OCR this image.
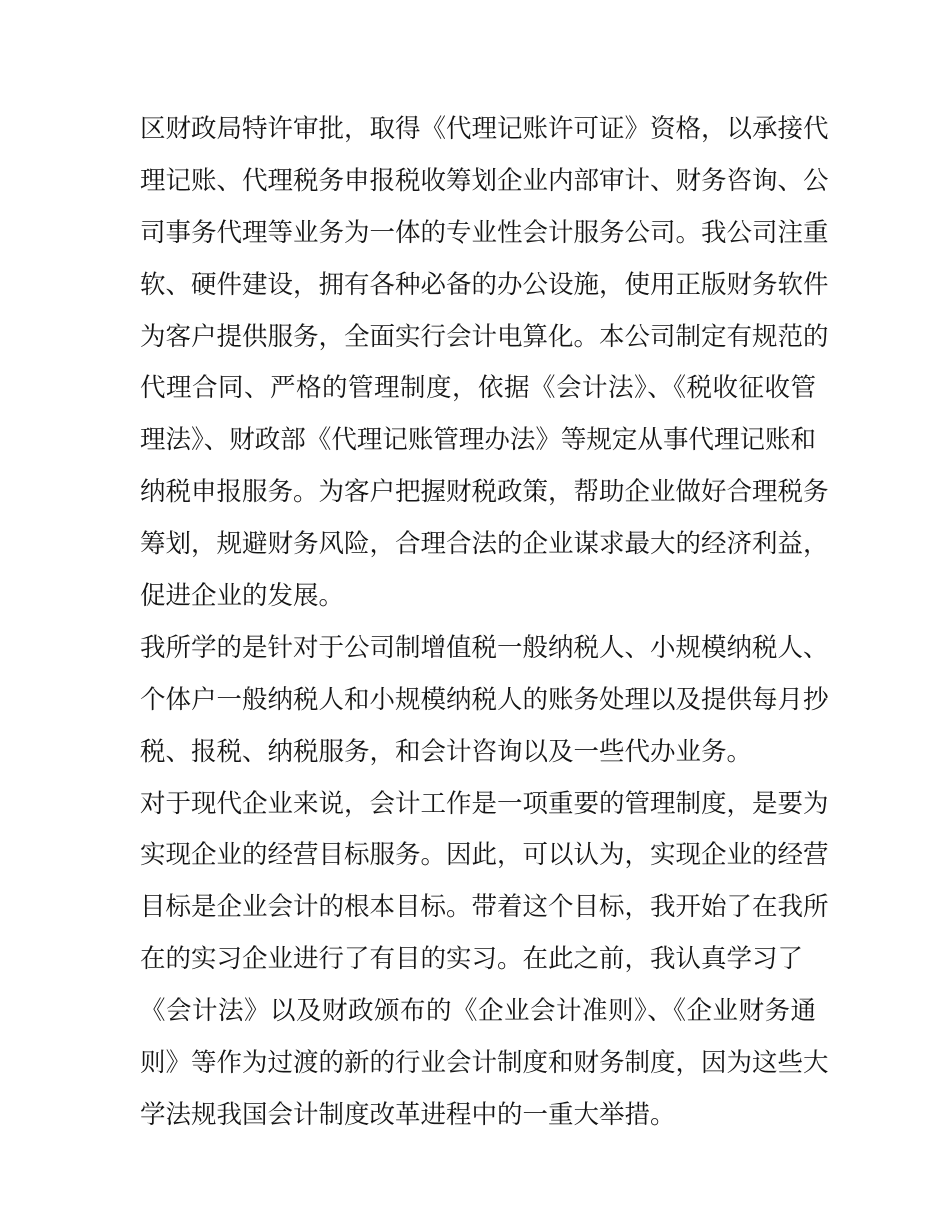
区财政局特许审批，取得《代理记账许可证》资格，以承接代
理记账、代理税务申报税收筹划企业内部审计、财务咨询、公
司事务代理等业务为一体的专业性会计服务公司。我公司注重
软、硬件建设，拥有各种必备的办公设施，使用正版财务软件
为客户提供服务，全面实行会计电算化。本公司制定有规范的
代理合同、严格的管理制度，依据《会计法》、《税收征收管
理法》、财政部《代理记账管理办法》等规定从事代理记账和
纳税申报服务。为客户把握财税政策，帮助企业做好合理税务
筹划，规避财务风险，合理合法的企业谋求最大的经济利益，
促进企业的发展。
我所学的是针对于公司制增值税一般纳税人、小规模纳税人、
个体户一般纳税人和小规模纳税人的账务处理以及提供每月抄
税、报税、纳税服务，和会计咨询以及一些代办业务。
对于现代企业来说，会计工作是一项重要的管理制度，是要为
实现企业的经营目标服务。因此，可以认为，实现企业的经营
目标是企业会计的根本目标。带着这个目标，我开始了在我所
在的实习企业进行了有目的实习。在此之前，我认真学习了
《会计法》以及财政颁布的《企业会计准则》、《企业财务通
则》等作为过渡的新的行业会计制度和财务制度，因为这些大
学法规我国会计制度改革进程中的一重大举措。
